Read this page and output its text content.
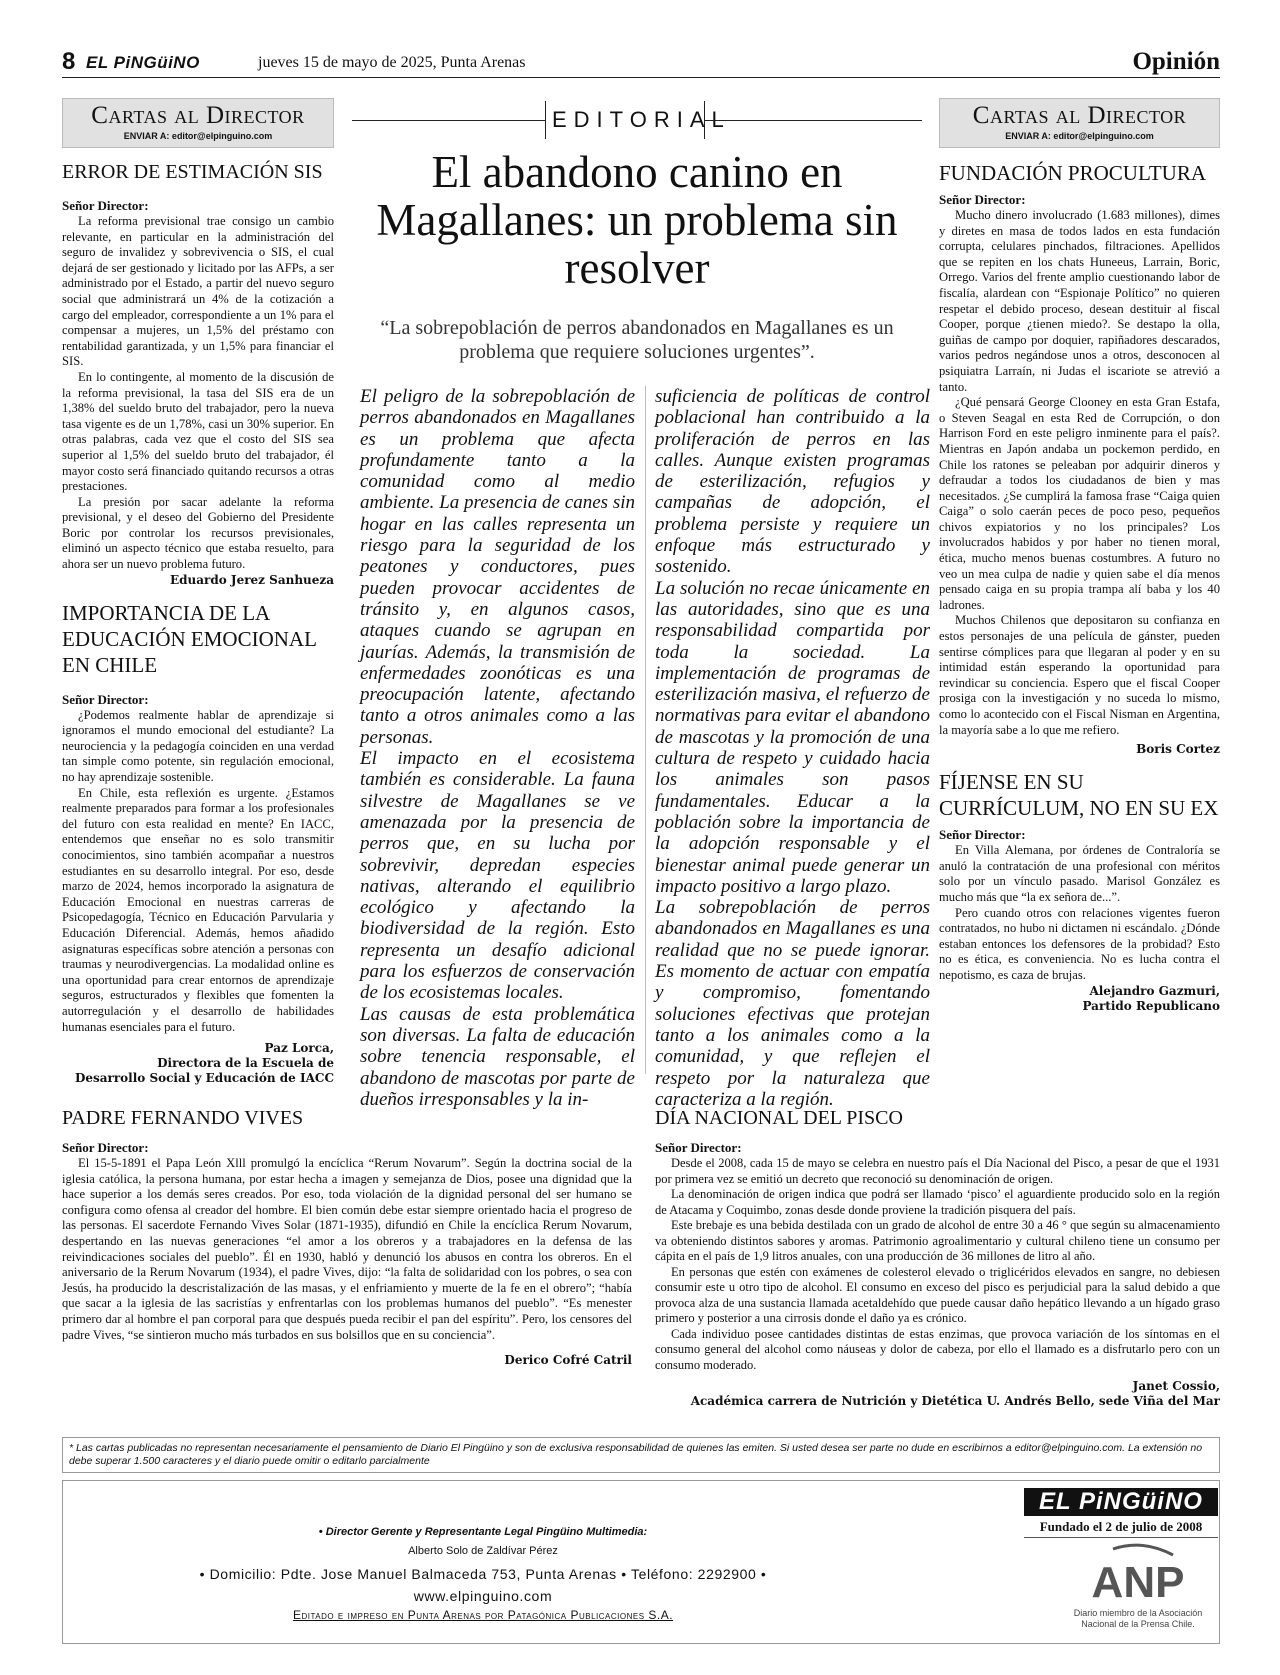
8 EL PiNGüiNO	jueves 15 de mayo de 2025, Punta Arenas	Opinión
Cartas al Director
ENVIAR A: editor@elpinguino.com
ERROR DE ESTIMACIÓN SIS
Señor Director:

La reforma previsional trae consigo un cambio relevante, en particular en la administración del seguro de invalidez y sobrevivencia o SIS, el cual dejará de ser gestionado y licitado por las AFPs, a ser administrado por el Estado, a partir del nuevo seguro social que administrará un 4% de la cotización a cargo del empleador, correspondiente a un 1% para el compensar a mujeres, un 1,5% del préstamo con rentabilidad garantizada, y un 1,5% para financiar el SIS.

En lo contingente, al momento de la discusión de la reforma previsional, la tasa del SIS era de un 1,38% del sueldo bruto del trabajador, pero la nueva tasa vigente es de un 1,78%, casi un 30% superior. En otras palabras, cada vez que el costo del SIS sea superior al 1,5% del sueldo bruto del trabajador, él mayor costo será financiado quitando recursos a otras prestaciones.

La presión por sacar adelante la reforma previsional, y el deseo del Gobierno del Presidente Boric por controlar los recursos previsionales, eliminó un aspecto técnico que estaba resuelto, para ahora ser un nuevo problema futuro.

Eduardo Jerez Sanhueza
IMPORTANCIA DE LA EDUCACIÓN EMOCIONAL EN CHILE
Señor Director:

¿Podemos realmente hablar de aprendizaje si ignoramos el mundo emocional del estudiante? La neurociencia y la pedagogía coinciden en una verdad tan simple como potente, sin regulación emocional, no hay aprendizaje sostenible.

En Chile, esta reflexión es urgente. ¿Estamos realmente preparados para formar a los profesionales del futuro con esta realidad en mente? En IACC, entendemos que enseñar no es solo transmitir conocimientos, sino también acompañar a nuestros estudiantes en su desarrollo integral. Por eso, desde marzo de 2024, hemos incorporado la asignatura de Educación Emocional en nuestras carreras de Psicopedagogía, Técnico en Educación Parvularia y Educación Diferencial. Además, hemos añadido asignaturas específicas sobre atención a personas con traumas y neurodivergencias. La modalidad online es una oportunidad para crear entornos de aprendizaje seguros, estructurados y flexibles que fomenten la autorregulación y el desarrollo de habilidades humanas esenciales para el futuro.

Paz Lorca,
Directora de la Escuela de
Desarrollo Social y Educación de IACC
EDITORIAL
El abandono canino en Magallanes: un problema sin resolver
“La sobrepoblación de perros abandonados en Magallanes es un problema que requiere soluciones urgentes”.

El peligro de la sobrepoblación de perros abandonados en Magallanes es un problema que afecta profundamente tanto a la comunidad como al medio ambiente. La presencia de canes sin hogar en las calles representa un riesgo para la seguridad de los peatones y conductores, pues pueden provocar accidentes de tránsito y, en algunos casos, ataques cuando se agrupan en jaurías. Además, la transmisión de enfermedades zoonóticas es una preocupación latente, afectando tanto a otros animales como a las personas.

El impacto en el ecosistema también es considerable. La fauna silvestre de Magallanes se ve amenazada por la presencia de perros que, en su lucha por sobrevivir, depredan especies nativas, alterando el equilibrio ecológico y afectando la biodiversidad de la región. Esto representa un desafío adicional para los esfuerzos de conservación de los ecosistemas locales.

Las causas de esta problemática son diversas. La falta de educación sobre tenencia responsable, el abandono de mascotas por parte de dueños irresponsables y la in-

suficiencia de políticas de control poblacional han contribuido a la proliferación de perros en las calles. Aunque existen programas de esterilización, refugios y campañas de adopción, el problema persiste y requiere un enfoque más estructurado y sostenido.

La solución no recae únicamente en las autoridades, sino que es una responsabilidad compartida por toda la sociedad. La implementación de programas de esterilización masiva, el refuerzo de normativas para evitar el abandono de mascotas y la promoción de una cultura de respeto y cuidado hacia los animales son pasos fundamentales. Educar a la población sobre la importancia de la adopción responsable y el bienestar animal puede generar un impacto positivo a largo plazo.

La sobrepoblación de perros abandonados en Magallanes es una realidad que no se puede ignorar. Es momento de actuar con empatía y compromiso, fomentando soluciones efectivas que protejan tanto a los animales como a la comunidad, y que reflejen el respeto por la naturaleza que caracteriza a la región.

Cartas al Director
ENVIAR A: editor@elpinguino.com
FUNDACIÓN PROCULTURA
Señor Director:

Mucho dinero involucrado (1.683 millones), dimes y diretes en masa de todos lados en esta fundación corrupta, celulares pinchados, filtraciones. Apellidos que se repiten en los chats Huneeus, Larrain, Boric, Orrego. Varios del frente amplio cuestionando labor de fiscalía, alardean con “Espionaje Político” no quieren respetar el debido proceso, desean destituir al fiscal Cooper, porque ¿tienen miedo?. Se destapo la olla, guiñas de campo por doquier, rapiñadores descarados, varios pedros negándose unos a otros, desconocen al psiquiatra Larraín, ni Judas el iscariote se atrevió a tanto.

¿Qué pensará George Clooney en esta Gran Estafa, o Steven Seagal en esta Red de Corrupción, o don Harrison Ford en este peligro inminente para el país?. Mientras en Japón andaba un pockemon perdido, en Chile los ratones se peleaban por adquirir dineros y defraudar a todos los ciudadanos de bien y mas necesitados. ¿Se cumplirá la famosa frase “Caiga quien Caiga” o solo caerán peces de poco peso, pequeños chivos expiatorios y no los principales? Los involucrados habidos y por haber no tienen moral, ética, mucho menos buenas costumbres. A futuro no veo un mea culpa de nadie y quien sabe el día menos pensado caiga en su propia trampa alí baba y los 40 ladrones.

Muchos Chilenos que depositaron su confianza en estos personajes de una película de gánster, pueden sentirse cómplices para que llegaran al poder y en su intimidad están esperando la oportunidad para revindicar su conciencia. Espero que el fiscal Cooper prosiga con la investigación y no suceda lo mismo, como lo acontecido con el Fiscal Nisman en Argentina, la mayoría sabe a lo que me refiero.

Boris Cortez
FÍJENSE EN SU CURRÍCULUM, NO EN SU EX
Señor Director:

En Villa Alemana, por órdenes de Contraloría se anuló la contratación de una profesional con méritos solo por un vínculo pasado. Marisol González es mucho más que “la ex señora de...”.

Pero cuando otros con relaciones vigentes fueron contratados, no hubo ni dictamen ni escándalo. ¿Dónde estaban entonces los defensores de la probidad? Esto no es ética, es conveniencia. No es lucha contra el nepotismo, es caza de brujas.

Alejandro Gazmuri,
Partido Republicano
PADRE FERNANDO VIVES
Señor Director:

El 15-5-1891 el Papa León Xlll promulgó la encíclica “Rerum Novarum”. Según la doctrina social de la iglesia católica, la persona humana, por estar hecha a imagen y semejanza de Dios, posee una dignidad que la hace superior a los demás seres creados. Por eso, toda violación de la dignidad personal del ser humano se configura como ofensa al creador del hombre. El bien común debe estar siempre orientado hacia el progreso de las personas. El sacerdote Fernando Vives Solar (1871-1935), difundió en Chile la encíclica Rerum Novarum, despertando en las nuevas generaciones “el amor a los obreros y a trabajadores en la defensa de las reivindicaciones sociales del pueblo”. Él en 1930, habló y denunció los abusos en contra los obreros. En el aniversario de la Rerum Novarum (1934), el padre Vives, dijo: “la falta de solidaridad con los pobres, o sea con Jesús, ha producido la descristalización de las masas, y el enfriamiento y muerte de la fe en el obrero”; “había que sacar a la iglesia de las sacristías y enfrentarlas con los problemas humanos del pueblo”. “Es menester primero dar al hombre el pan corporal para que después pueda recibir el pan del espíritu”. Pero, los censores del padre Vives, “se sintieron mucho más turbados en sus bolsillos que en su conciencia”.

Derico Cofré Catril
DÍA NACIONAL DEL PISCO
Señor Director:

Desde el 2008, cada 15 de mayo se celebra en nuestro país el Día Nacional del Pisco, a pesar de que el 1931 por primera vez se emitió un decreto que reconoció su denominación de origen.

La denominación de origen indica que podrá ser llamado ‘pisco’ el aguardiente producido solo en la región de Atacama y Coquimbo, zonas desde donde proviene la tradición pisquera del país.

Este brebaje es una bebida destilada con un grado de alcohol de entre 30 a 46 ° que según su almacenamiento va obteniendo distintos sabores y aromas. Patrimonio agroalimentario y cultural chileno tiene un consumo per cápita en el país de 1,9 litros anuales, con una producción de 36 millones de litro al año.

En personas que estén con exámenes de colesterol elevado o triglicéridos elevados en sangre, no debiesen consumir este u otro tipo de alcohol. El consumo en exceso del pisco es perjudicial para la salud debido a que provoca alza de una sustancia llamada acetaldehído que puede causar daño hepático llevando a un hígado graso primero y posterior a una cirrosis donde el daño ya es crónico.

Cada individuo posee cantidades distintas de estas enzimas, que provoca variación de los síntomas en el consumo general del alcohol como náuseas y dolor de cabeza, por ello el llamado es a disfrutarlo pero con un consumo moderado.

Janet Cossio,
Académica carrera de Nutrición y Dietética U. Andrés Bello, sede Viña del Mar
* Las cartas publicadas no representan necesariamente el pensamiento de Diario El Pingüino y son de exclusiva responsabilidad de quienes las emiten. Si usted desea ser parte no dude en escribirnos a editor@elpinguino.com. La extensión no debe superar 1.500 caracteres y el diario puede omitir o editarlo parcialmente
• Director Gerente y Representante Legal Pingüino Multimedia:
Alberto Solo de Zaldívar Pérez
• Domicilio: Pdte. Jose Manuel Balmaceda 753, Punta Arenas • Teléfono: 2292900 • www.elpinguino.com
Editado e impreso en Punta Arenas por Patagónica Publicaciones S.A.
EL PiNGüiNO
Fundado el 2 de julio de 2008
ANP
Diario miembro de la Asociación
Nacional de la Prensa Chile.
